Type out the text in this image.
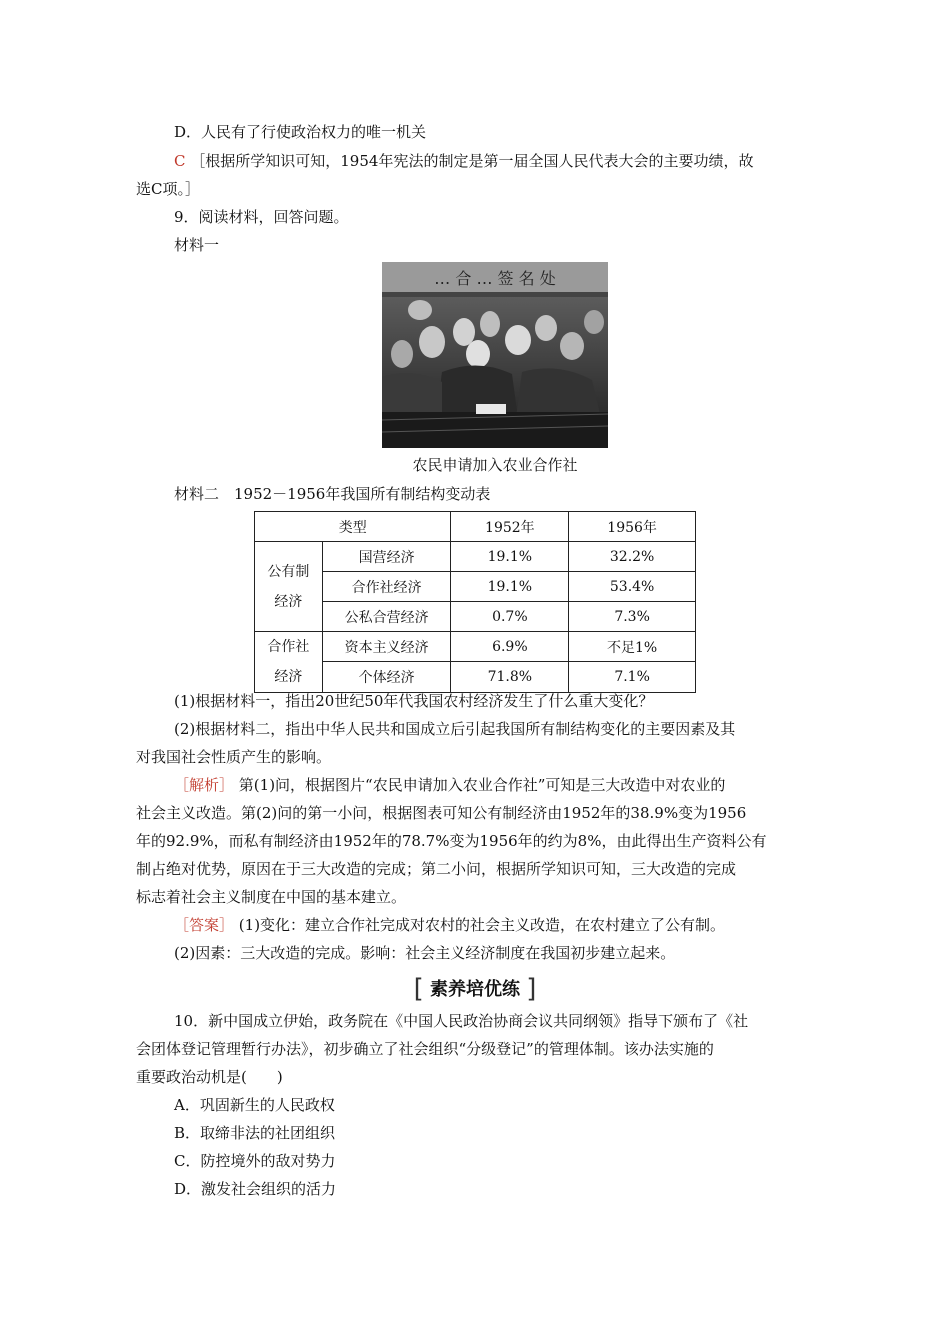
D．人民有了行使政治权力的唯一机关
C ［根据所学知识可知，1954年宪法的制定是第一届全国人民代表大会的主要功绩，故
选C项。］
9．阅读材料，回答问题。
材料一
… 合 … 签 名 处
农民申请加入农业合作社
材料二　1952－1956年我国所有制结构变动表
类型		1952年	1956年

公有制
经济	国营经济	19.1%	32.2%
	合作社经济	19.1%	53.4%
	公私合营经济	0.7%	7.3%

合作社
经济	资本主义经济	6.9%	不足1%
	个体经济	71.8%	7.1%
(1)根据材料一，指出20世纪50年代我国农村经济发生了什么重大变化？
(2)根据材料二，指出中华人民共和国成立后引起我国所有制结构变化的主要因素及其
对我国社会性质产生的影响。
［解析］ 第(1)问，根据图片“农民申请加入农业合作社”可知是三大改造中对农业的
社会主义改造。第(2)问的第一小问，根据图表可知公有制经济由1952年的38.9%变为1956
年的92.9%，而私有制经济由1952年的78.7%变为1956年的约为8%，由此得出生产资料公有
制占绝对优势，原因在于三大改造的完成；第二小问，根据所学知识可知，三大改造的完成
标志着社会主义制度在中国的基本建立。
［答案］ (1)变化：建立合作社完成对农村的社会主义改造，在农村建立了公有制。
(2)因素：三大改造的完成。影响：社会主义经济制度在我国初步建立起来。
[ 素养培优练 ]
10．新中国成立伊始，政务院在《中国人民政治协商会议共同纲领》指导下颁布了《社
会团体登记管理暂行办法》，初步确立了社会组织“分级登记”的管理体制。该办法实施的
重要政治动机是(　　)
A．巩固新生的人民政权
B．取缔非法的社团组织
C．防控境外的敌对势力
D．激发社会组织的活力
